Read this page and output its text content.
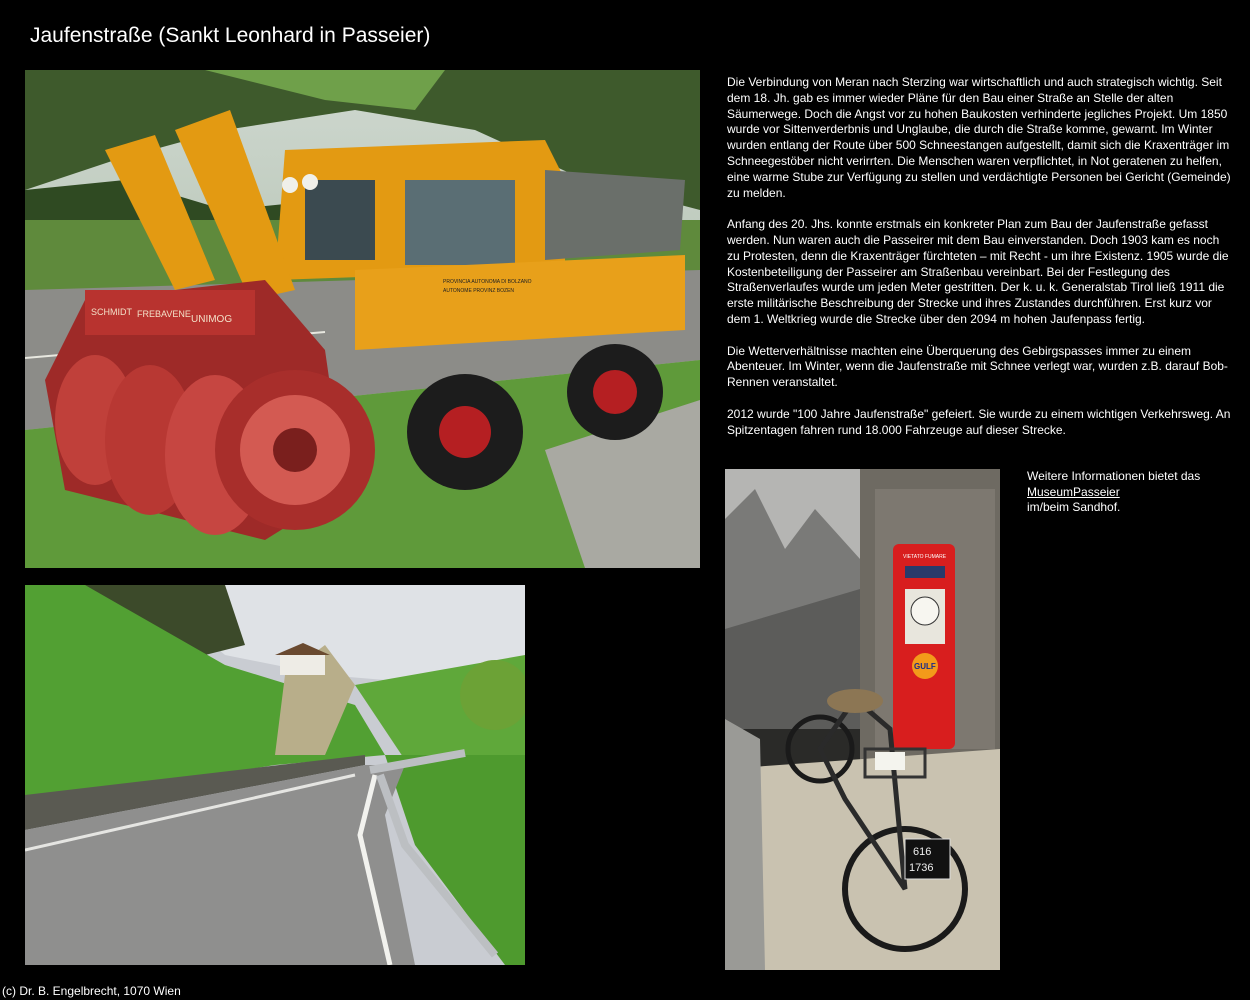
Jaufenstraße (Sankt Leonhard in Passeier)
PROVINCIA AUTONOMA DI BOLZANO
AUTONOME PROVINZ BOZEN
SCHMIDT FREBAVENE UNIMOG
VIETATO FUMARE
GULF
616
1736

Die Verbindung von Meran nach Sterzing war wirtschaftlich und auch strategisch wichtig. Seit dem 18. Jh. gab es immer wieder Pläne für den Bau einer Straße an Stelle der alten Säumerwege. Doch die Angst vor zu hohen Baukosten verhinderte jegliches Projekt. Um 1850 wurde vor Sittenverderbnis und Unglaube, die durch die Straße komme, gewarnt. Im Winter wurden entlang der Route über 500 Schneestangen aufgestellt, damit sich die Kraxenträger im Schneegestöber nicht verirrten. Die Menschen waren verpflichtet, in Not geratenen zu helfen, eine warme Stube zur Verfügung zu stellen und verdächtigte Personen bei Gericht (Gemeinde) zu melden.

Anfang des 20. Jhs. konnte erstmals ein konkreter Plan zum Bau der Jaufenstraße gefasst werden. Nun waren auch die Passeirer mit dem Bau einverstanden. Doch 1903 kam es noch zu Protesten, denn die Kraxenträger fürchteten – mit Recht - um ihre Existenz. 1905 wurde die Kostenbeteiligung der Passeirer am Straßenbau vereinbart. Bei der Festlegung des Straßenverlaufes wurde um jeden Meter gestritten. Der k. u. k. Generalstab Tirol ließ 1911 die erste militärische Beschreibung der Strecke und ihres Zustandes durchführen. Erst kurz vor dem 1. Weltkrieg wurde die Strecke über den 2094 m hohen Jaufenpass fertig.

Die Wetterverhältnisse machten eine Überquerung des Gebirgspasses immer zu einem Abenteuer. Im Winter, wenn die Jaufenstraße mit Schnee verlegt war, wurden z.B. darauf Bob-Rennen veranstaltet.

2012 wurde "100 Jahre Jaufenstraße" gefeiert. Sie wurde zu einem wichtigen Verkehrsweg. An Spitzentagen fahren rund 18.000 Fahrzeuge auf dieser Strecke.

Weitere Informationen bietet das
MuseumPasseier
im/beim Sandhof.
(c) Dr. B. Engelbrecht, 1070 Wien
